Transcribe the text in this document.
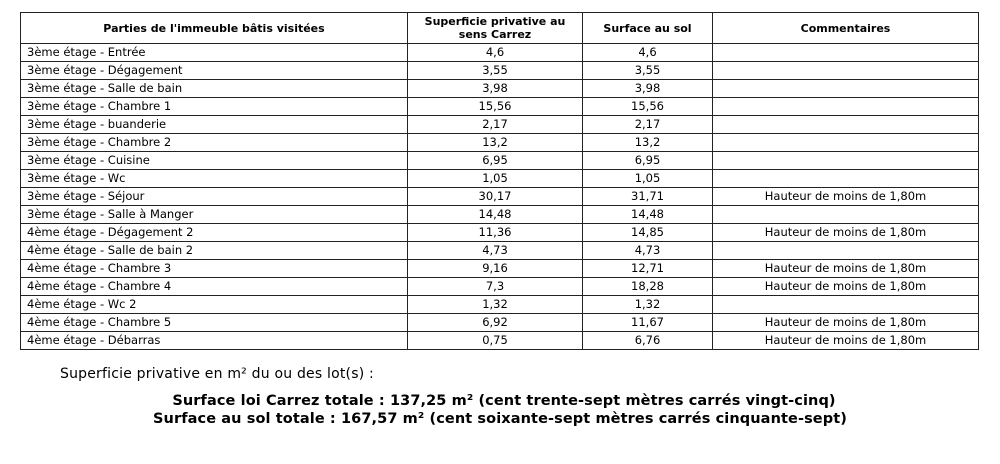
Parties de l'immeuble bâtis visitées	Superficie privative au sens Carrez	Surface au sol	Commentaires
3ème étage - Entrée	4,6	4,6	
3ème étage - Dégagement	3,55	3,55	
3ème étage - Salle de bain	3,98	3,98	
3ème étage - Chambre 1	15,56	15,56	
3ème étage - buanderie	2,17	2,17	
3ème étage - Chambre 2	13,2	13,2	
3ème étage - Cuisine	6,95	6,95	
3ème étage - Wc	1,05	1,05	
3ème étage - Séjour	30,17	31,71	Hauteur de moins de 1,80m
3ème étage - Salle à Manger	14,48	14,48	
4ème étage - Dégagement 2	11,36	14,85	Hauteur de moins de 1,80m
4ème étage - Salle de bain 2	4,73	4,73	
4ème étage - Chambre 3	9,16	12,71	Hauteur de moins de 1,80m
4ème étage - Chambre 4	7,3	18,28	Hauteur de moins de 1,80m
4ème étage - Wc 2	1,32	1,32	
4ème étage - Chambre 5	6,92	11,67	Hauteur de moins de 1,80m
4ème étage - Débarras	0,75	6,76	Hauteur de moins de 1,80m
Superficie privative en m² du ou des lot(s) :
Surface loi Carrez totale : 137,25 m² (cent trente-sept mètres carrés vingt-cinq)
Surface au sol totale : 167,57 m² (cent soixante-sept mètres carrés cinquante-sept)
